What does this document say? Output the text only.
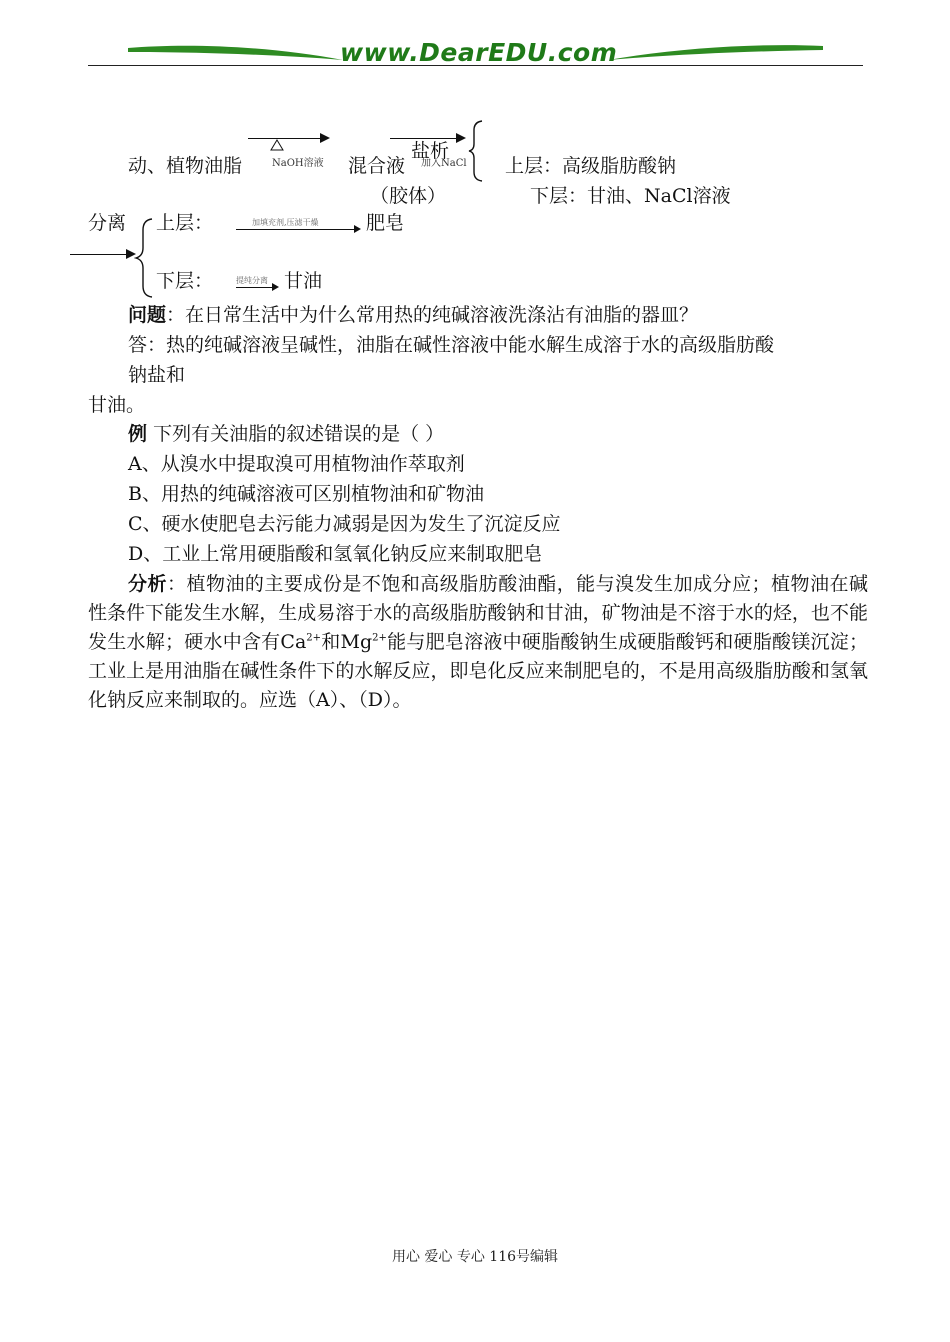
www.DearEDU.com
动、植物油脂	NaOH溶液 混合液
（胶体）
盐析
加入NaCl 上层：高级脂肪酸钠
下层：甘油、NaCl溶液
分离 上层：	加填充剂,压滤干燥 肥皂
下层：	提纯分离 甘油
问题：在日常生活中为什么常用热的纯碱溶液洗涤沾有油脂的器皿？
答：热的纯碱溶液呈碱性，油脂在碱性溶液中能水解生成溶于水的高级脂肪酸
钠盐和
甘油。
例 下列有关油脂的叙述错误的是（ ）
A、从溴水中提取溴可用植物油作萃取剂
B、用热的纯碱溶液可区别植物油和矿物油
C、硬水使肥皂去污能力减弱是因为发生了沉淀反应
D、工业上常用硬脂酸和氢氧化钠反应来制取肥皂
分析：植物油的主要成份是不饱和高级脂肪酸油酯，能与溴发生加成分应；植物油在碱性条件下能发生水解，生成易溶于水的高级脂肪酸钠和甘油，矿物油是不溶于水的烃，也不能发生水解；硬水中含有$Ca^{2+}$和$Mg^{2+}$能与肥皂溶液中硬脂酸钠生成硬脂酸钙和硬脂酸镁沉淀；工业上是用油脂在碱性条件下的水解反应，即皂化反应来制肥皂的，不是用高级脂肪酸和氢氧化钠反应来制取的。应选（A）、（D）。
用心 爱心 专心 116号编辑
